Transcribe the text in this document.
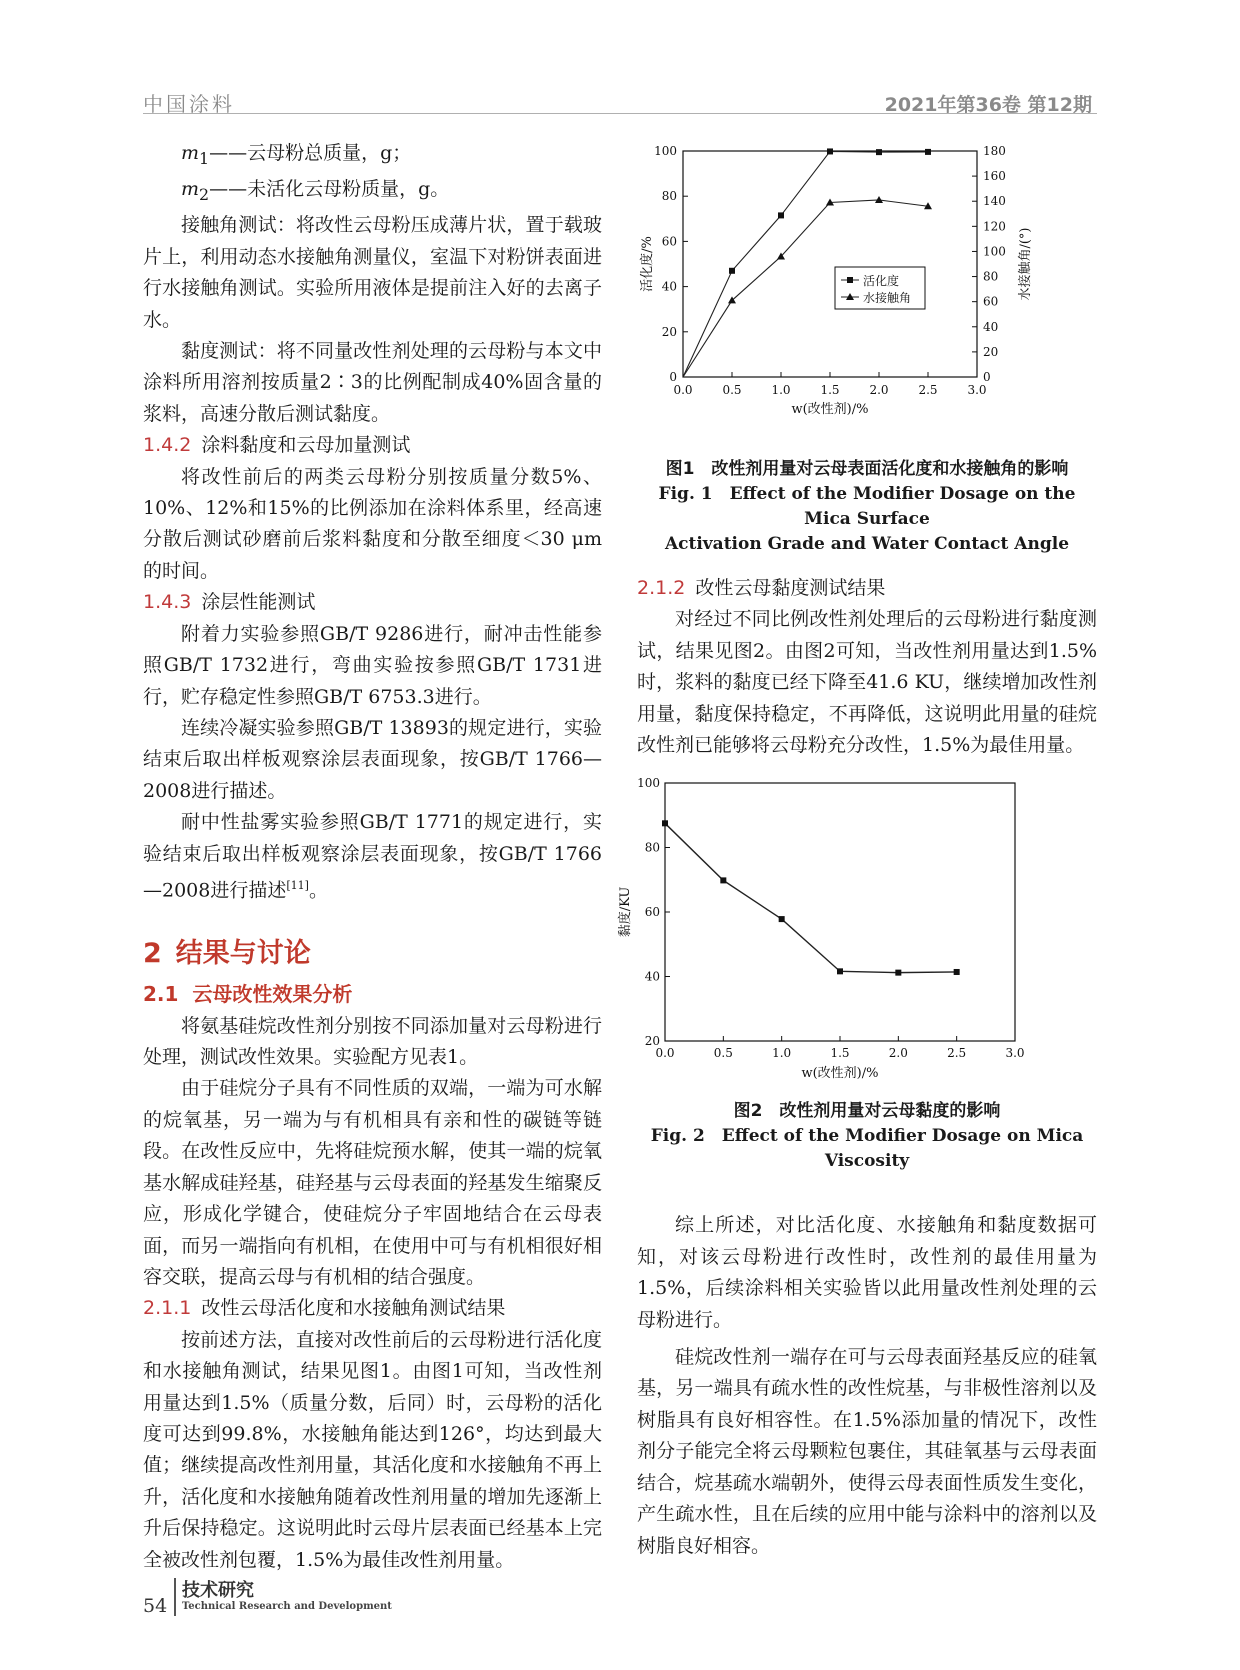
中国涂料	2021年第36卷 第12期

$m_1——$云母粉总质量，g；

$m_2——$未活化云母粉质量，g。

接触角测试：将改性云母粉压成薄片状，置于载玻片上，利用动态水接触角测量仪，室温下对粉饼表面进行水接触角测试。实验所用液体是提前注入好的去离子水。

黏度测试：将不同量改性剂处理的云母粉与本文中涂料所用溶剂按质量2∶3的比例配制成40%固含量的浆料，高速分散后测试黏度。

1.4.2 涂料黏度和云母加量测试

将改性前后的两类云母粉分别按质量分数5%、10%、12%和15%的比例添加在涂料体系里，经高速分散后测试砂磨前后浆料黏度和分散至细度＜30 μm的时间。

1.4.3 涂层性能测试

附着力实验参照GB/T 9286进行，耐冲击性能参照GB/T 1732进行，弯曲实验按参照GB/T 1731进行，贮存稳定性参照GB/T 6753.3进行。

连续冷凝实验参照GB/T 13893的规定进行，实验结束后取出样板观察涂层表面现象，按GB/T 1766—2008进行描述。

耐中性盐雾实验参照GB/T 1771的规定进行，实验结束后取出样板观察涂层表面现象，按GB/T 1766—2008进行描述[11]。

2 结果与讨论
2.1 云母改性效果分析

将氨基硅烷改性剂分别按不同添加量对云母粉进行处理，测试改性效果。实验配方见表1。

由于硅烷分子具有不同性质的双端，一端为可水解的烷氧基，另一端为与有机相具有亲和性的碳链等链段。在改性反应中，先将硅烷预水解，使其一端的烷氧基水解成硅羟基，硅羟基与云母表面的羟基发生缩聚反应，形成化学键合，使硅烷分子牢固地结合在云母表面，而另一端指向有机相，在使用中可与有机相很好相容交联，提高云母与有机相的结合强度。

2.1.1 改性云母活化度和水接触角测试结果

按前述方法，直接对改性前后的云母粉进行活化度和水接触角测试，结果见图1。由图1可知，当改性剂用量达到1.5%（质量分数，后同）时，云母粉的活化度可达到99.8%，水接触角能达到126°，均达到最大值；继续提高改性剂用量，其活化度和水接触角不再上升，活化度和水接触角随着改性剂用量的增加先逐渐上升后保持稳定。这说明此时云母片层表面已经基本上完全被改性剂包覆，1.5%为最佳改性剂用量。

0.0 0.5 1.0 1.5 2.0 2.5 3.0
0
20
40
60
80
100
0
20
40
60
80
100
120
140
160
180
w(改性剂)/%
活化度/%	水接触角/(°)
活化度
水接触角
图1　改性剂用量对云母表面活化度和水接触角的影响
Fig. 1　Effect of the Modifier Dosage on the Mica Surface
Activation Grade and Water Contact Angle
2.1.2 改性云母黏度测试结果

对经过不同比例改性剂处理后的云母粉进行黏度测试，结果见图2。由图2可知，当改性剂用量达到1.5%时，浆料的黏度已经下降至41.6 KU，继续增加改性剂用量，黏度保持稳定，不再降低，这说明此用量的硅烷改性剂已能够将云母粉充分改性，1.5%为最佳用量。

0.0	0.5	1.0	1.5	2.0	2.5	3.0
20
40
60
80
100
w(改性剂)/%
黏度/KU
图2　改性剂用量对云母黏度的影响
Fig. 2　Effect of the Modifier Dosage on Mica Viscosity

综上所述，对比活化度、水接触角和黏度数据可知，对该云母粉进行改性时，改性剂的最佳用量为1.5%，后续涂料相关实验皆以此用量改性剂处理的云母粉进行。

硅烷改性剂一端存在可与云母表面羟基反应的硅氧基，另一端具有疏水性的改性烷基，与非极性溶剂以及树脂具有良好相容性。在1.5%添加量的情况下，改性剂分子能完全将云母颗粒包裹住，其硅氧基与云母表面结合，烷基疏水端朝外，使得云母表面性质发生变化，产生疏水性，且在后续的应用中能与涂料中的溶剂以及树脂良好相容。

54
技术研究
Technical Research and Development
